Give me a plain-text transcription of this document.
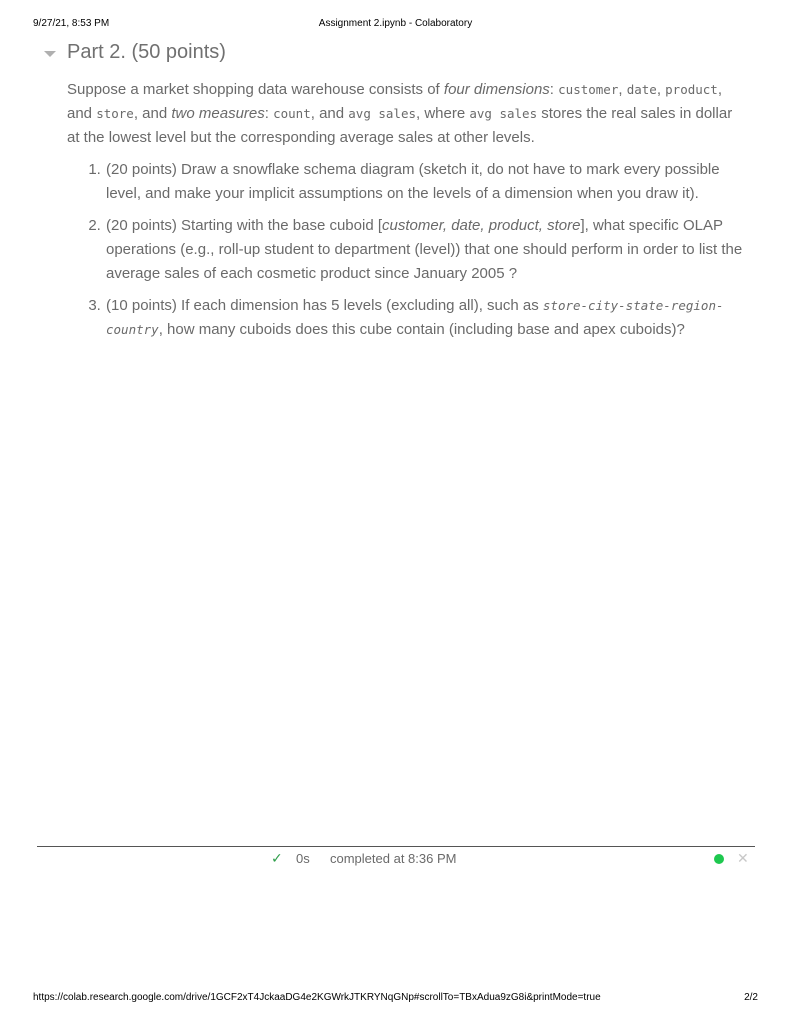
9/27/21, 8:53 PM	Assignment 2.ipynb - Colaboratory
Part 2. (50 points)

Suppose a market shopping data warehouse consists of four dimensions: customer, date, product, and store, and two measures: count, and avg sales, where avg sales stores the real sales in dollar at the lowest level but the corresponding average sales at other levels.

1. (20 points) Draw a snowflake schema diagram (sketch it, do not have to mark every possible level, and make your implicit assumptions on the levels of a dimension when you draw it).
2. (20 points) Starting with the base cuboid [customer, date, product, store], what specific OLAP operations (e.g., roll-up student to department (level)) that one should perform in order to list the average sales of each cosmetic product since January 2005 ?
3. (10 points) If each dimension has 5 levels (excluding all), such as store-city-state-region-country, how many cuboids does this cube contain (including base and apex cuboids)?
✓ 0s completed at 8:36 PM	✕
https://colab.research.google.com/drive/1GCF2xT4JckaaDG4e2KGWrkJTKRYNqGNp#scrollTo=TBxAdua9zG8i&printMode=true	2/2
